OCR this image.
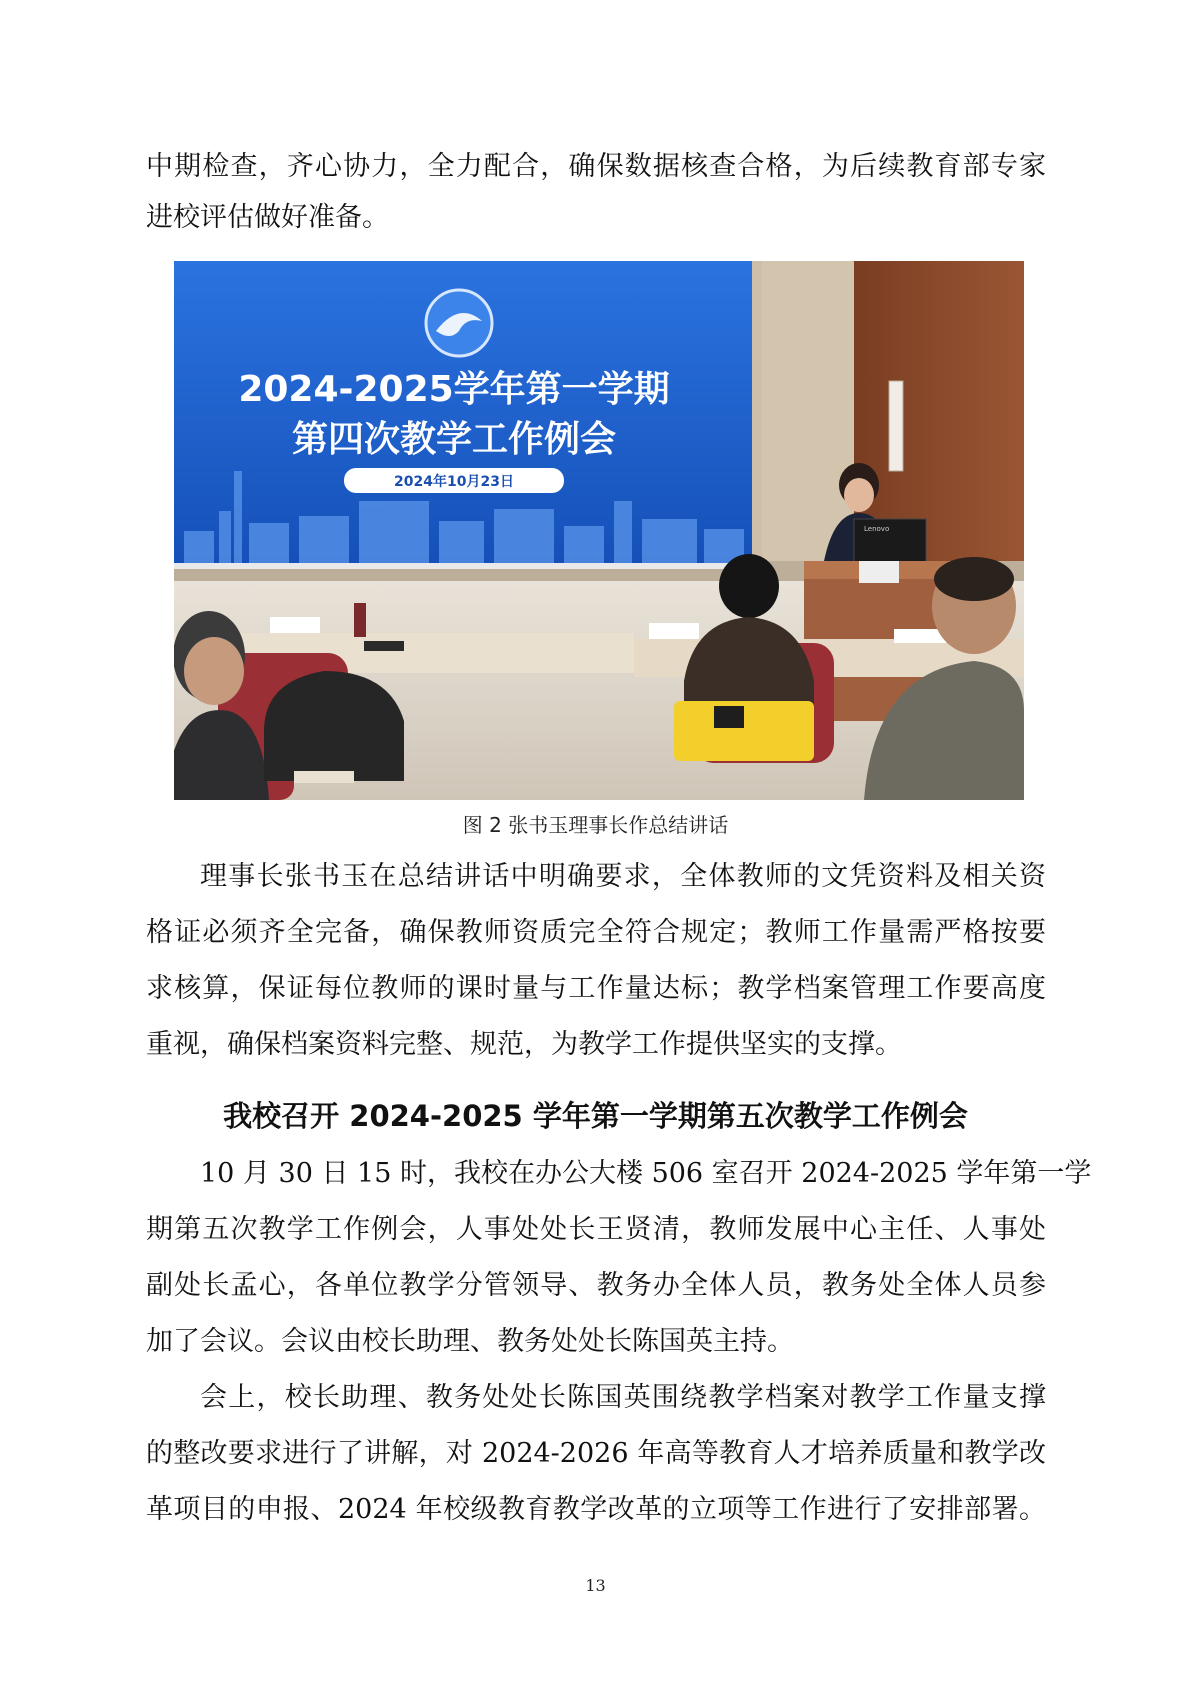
中期检查，齐心协力，全力配合，确保数据核查合格，为后续教育部专家

进校评估做好准备。

2024-2025学年第一学期
第四次教学工作例会
2024年10月23日
Lenovo
图 2 张书玉理事长作总结讲话

理事长张书玉在总结讲话中明确要求，全体教师的文凭资料及相关资

格证必须齐全完备，确保教师资质完全符合规定；教师工作量需严格按要

求核算，保证每位教师的课时量与工作量达标；教学档案管理工作要高度

重视，确保档案资料完整、规范，为教学工作提供坚实的支撑。

我校召开 2024-2025 学年第一学期第五次教学工作例会

10 月 30 日 15 时，我校在办公大楼 506 室召开 2024-2025 学年第一学

期第五次教学工作例会，人事处处长王贤清，教师发展中心主任、人事处

副处长孟心，各单位教学分管领导、教务办全体人员，教务处全体人员参

加了会议。会议由校长助理、教务处处长陈国英主持。

会上，校长助理、教务处处长陈国英围绕教学档案对教学工作量支撑

的整改要求进行了讲解，对 2024-2026 年高等教育人才培养质量和教学改

革项目的申报、2024 年校级教育教学改革的立项等工作进行了安排部署。

13
